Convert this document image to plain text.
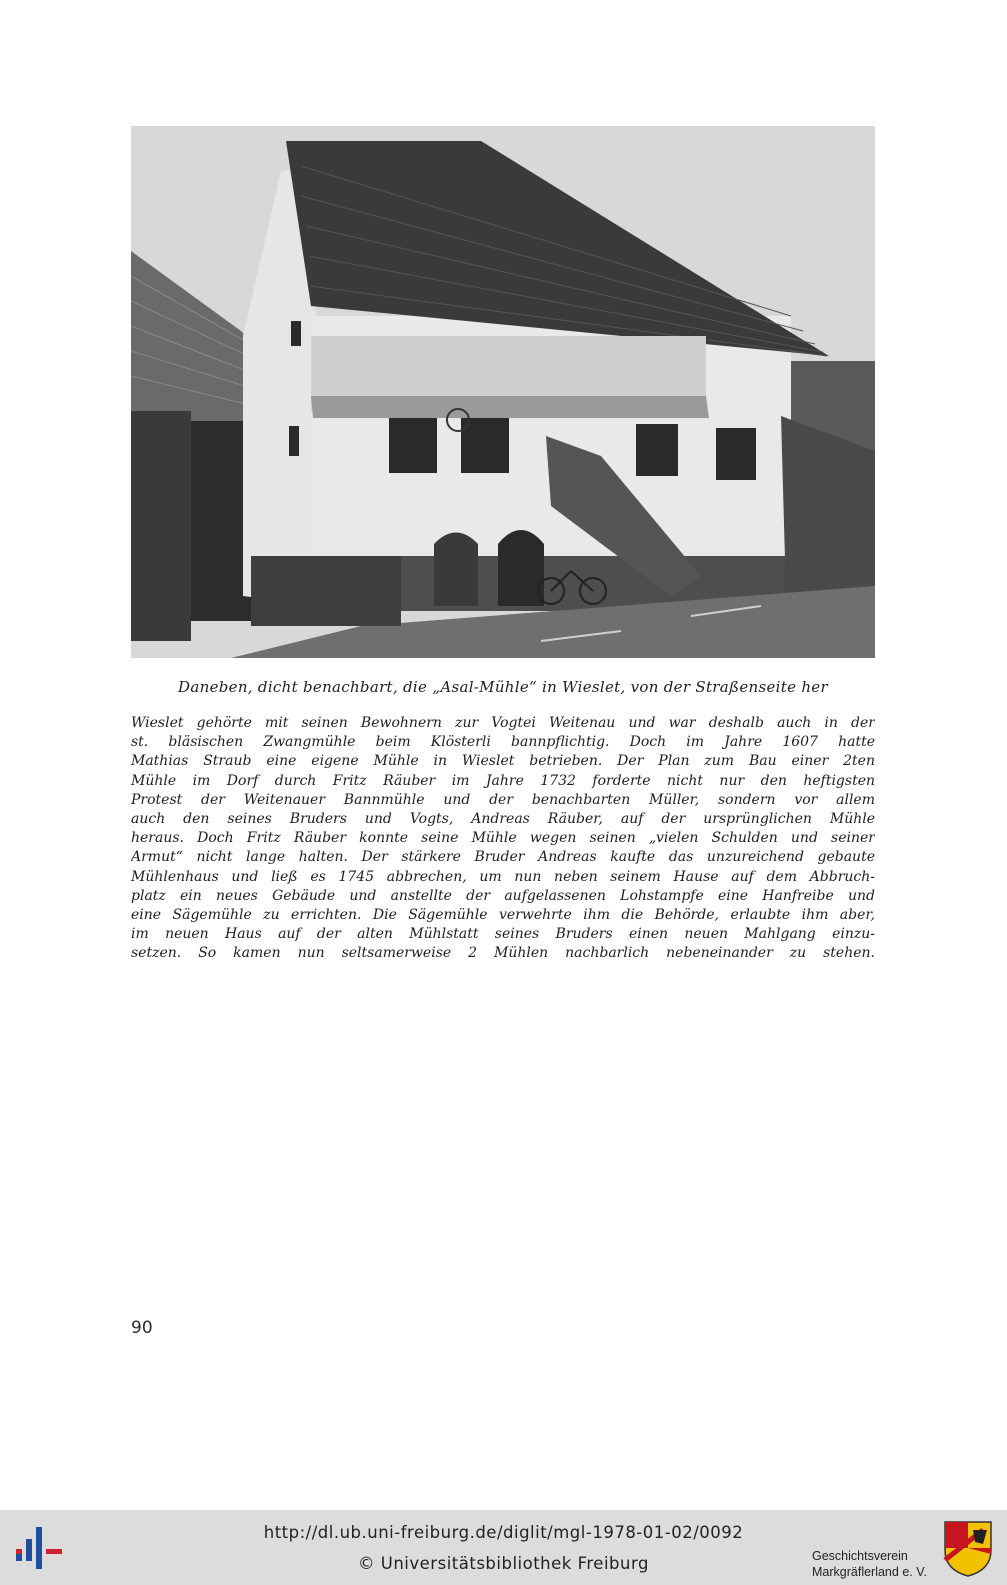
Daneben, dicht benachbart, die „Asal-Mühle“ in Wieslet, von der Straßenseite her
Wieslet gehörte mit seinen Bewohnern zur Vogtei Weitenau und war deshalb auch in der
st. bläsischen Zwangmühle beim Klösterli bannpflichtig. Doch im Jahre 1607 hatte
Mathias Straub eine eigene Mühle in Wieslet betrieben. Der Plan zum Bau einer 2ten
Mühle im Dorf durch Fritz Räuber im Jahre 1732 forderte nicht nur den heftigsten
Protest der Weitenauer Bannmühle und der benachbarten Müller, sondern vor allem
auch den seines Bruders und Vogts, Andreas Räuber, auf der ursprünglichen Mühle
heraus. Doch Fritz Räuber konnte seine Mühle wegen seinen „vielen Schulden und seiner
Armut“ nicht lange halten. Der stärkere Bruder Andreas kaufte das unzureichend gebaute
Mühlenhaus und ließ es 1745 abbrechen, um nun neben seinem Hause auf dem Abbruch-
platz ein neues Gebäude und anstellte der aufgelassenen Lohstampfe eine Hanfreibe und
eine Sägemühle zu errichten. Die Sägemühle verwehrte ihm die Behörde, erlaubte ihm aber,
im neuen Haus auf der alten Mühlstatt seines Bruders einen neuen Mahlgang einzu-
setzen. So kamen nun seltsamerweise 2 Mühlen nachbarlich nebeneinander zu stehen.
90
http://dl.ub.uni-freiburg.de/diglit/mgl-1978-01-02/0092
© Universitätsbibliothek Freiburg	Geschichtsverein
Markgräflerland e. V.
